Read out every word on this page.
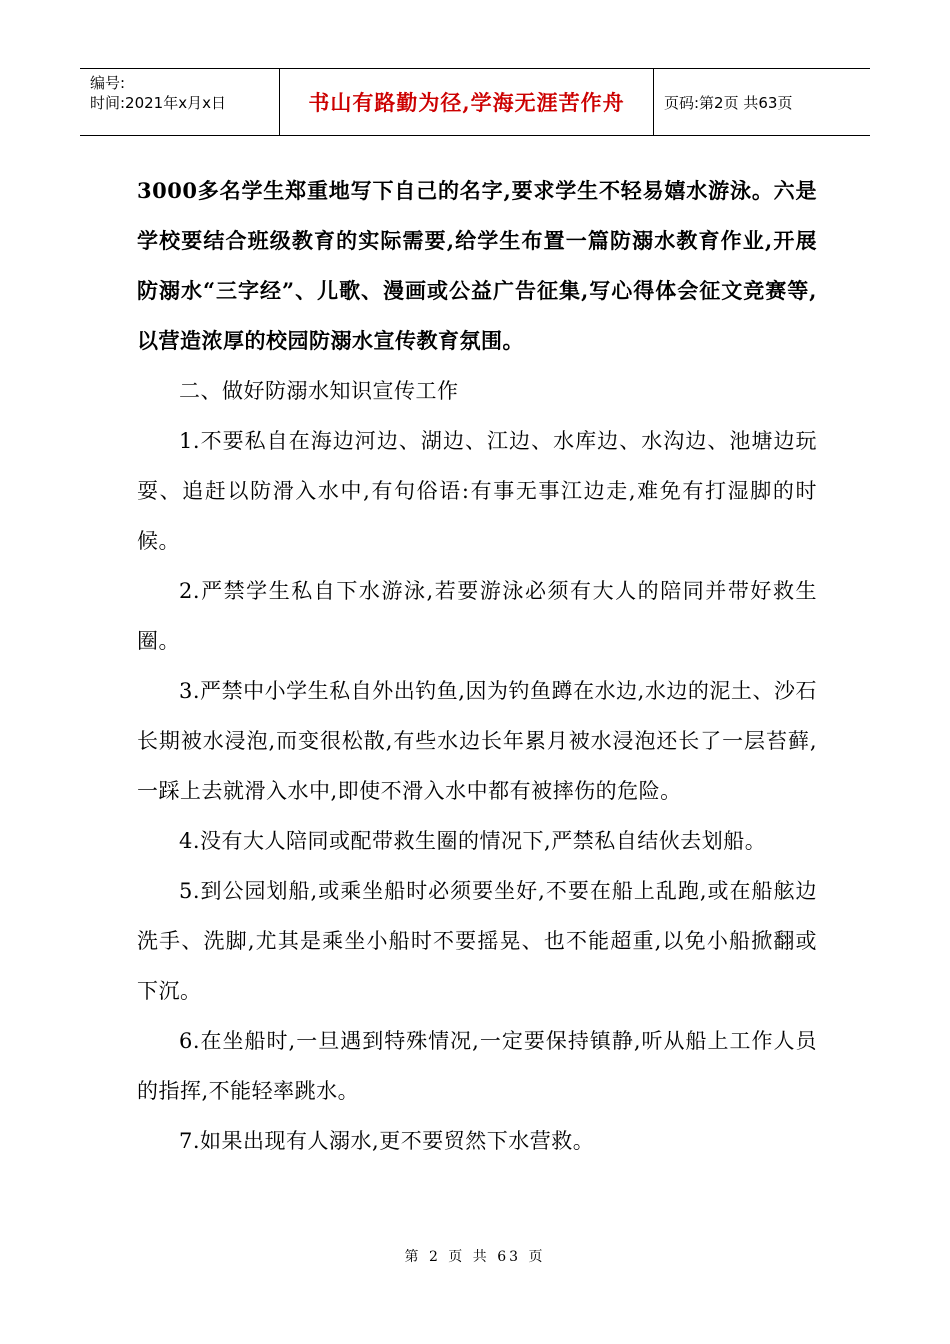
编号:
时间:2021年x月x日	书山有路勤为径,学海无涯苦作舟	页码:第2页 共63页

3000多名学生郑重地写下自己的名字,要求学生不轻易嬉水游泳。六是学校要结合班级教育的实际需要,给学生布置一篇防溺水教育作业,开展防溺水“三字经”、儿歌、漫画或公益广告征集,写心得体会征文竞赛等,以营造浓厚的校园防溺水宣传教育氛围。

二、做好防溺水知识宣传工作

1.不要私自在海边河边、湖边、江边、水库边、水沟边、池塘边玩耍、追赶以防滑入水中,有句俗语:有事无事江边走,难免有打湿脚的时候。

2.严禁学生私自下水游泳,若要游泳必须有大人的陪同并带好救生圈。

3.严禁中小学生私自外出钓鱼,因为钓鱼蹲在水边,水边的泥土、沙石长期被水浸泡,而变很松散,有些水边长年累月被水浸泡还长了一层苔藓,一踩上去就滑入水中,即使不滑入水中都有被摔伤的危险。

4.没有大人陪同或配带救生圈的情况下,严禁私自结伙去划船。

5.到公园划船,或乘坐船时必须要坐好,不要在船上乱跑,或在船舷边洗手、洗脚,尤其是乘坐小船时不要摇晃、也不能超重,以免小船掀翻或下沉。

6.在坐船时,一旦遇到特殊情况,一定要保持镇静,听从船上工作人员的指挥,不能轻率跳水。

7.如果出现有人溺水,更不要贸然下水营救。

第 2 页 共 63 页
